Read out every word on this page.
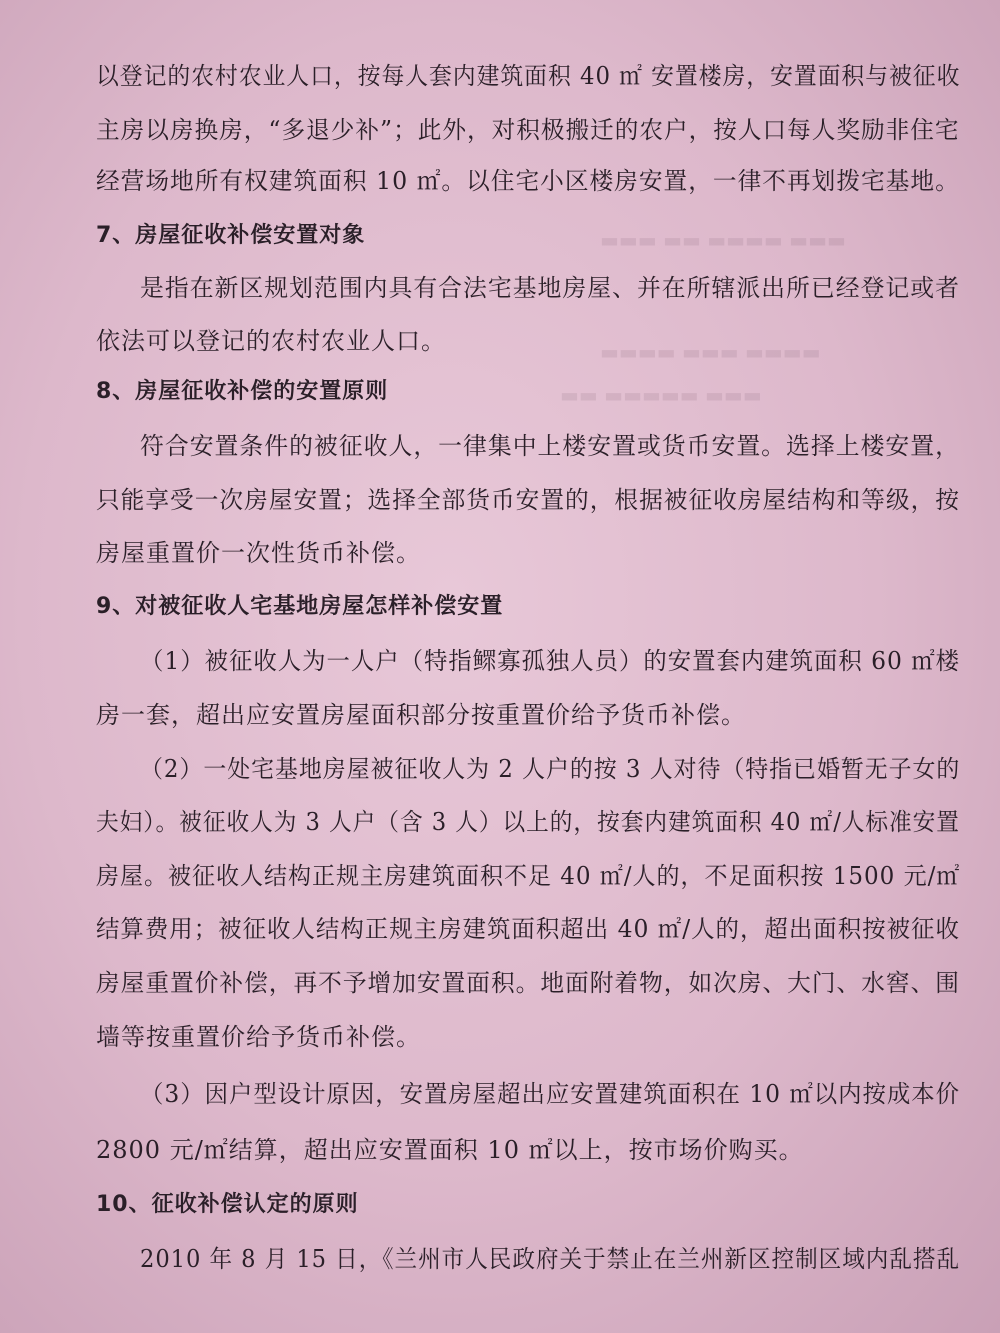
▬▬▬ ▬▬▬▬ ▬▬ ▬▬▬
▬▬▬▬ ▬▬▬ ▬▬▬▬
▬▬▬ ▬▬▬▬▬ ▬▬
以登记的农村农业人口，按每人套内建筑面积 40 ㎡ 安置楼房，安置面积与被征收
主房以房换房，“多退少补”；此外，对积极搬迁的农户，按人口每人奖励非住宅
经营场地所有权建筑面积 10 ㎡。以住宅小区楼房安置，一律不再划拨宅基地。
7、房屋征收补偿安置对象
是指在新区规划范围内具有合法宅基地房屋、并在所辖派出所已经登记或者
依法可以登记的农村农业人口。
8、房屋征收补偿的安置原则
符合安置条件的被征收人，一律集中上楼安置或货币安置。选择上楼安置，
只能享受一次房屋安置；选择全部货币安置的，根据被征收房屋结构和等级，按
房屋重置价一次性货币补偿。
9、对被征收人宅基地房屋怎样补偿安置
（1）被征收人为一人户（特指鳏寡孤独人员）的安置套内建筑面积 60 ㎡楼
房一套，超出应安置房屋面积部分按重置价给予货币补偿。
（2）一处宅基地房屋被征收人为 2 人户的按 3 人对待（特指已婚暂无子女的
夫妇）。被征收人为 3 人户（含 3 人）以上的，按套内建筑面积 40 ㎡/人标准安置
房屋。被征收人结构正规主房建筑面积不足 40 ㎡/人的，不足面积按 1500 元/㎡
结算费用；被征收人结构正规主房建筑面积超出 40 ㎡/人的，超出面积按被征收
房屋重置价补偿，再不予增加安置面积。地面附着物，如次房、大门、水窖、围
墙等按重置价给予货币补偿。
（3）因户型设计原因，安置房屋超出应安置建筑面积在 10 ㎡以内按成本价
2800 元/㎡结算，超出应安置面积 10 ㎡以上，按市场价购买。
10、征收补偿认定的原则
2010 年 8 月 15 日，《兰州市人民政府关于禁止在兰州新区控制区域内乱搭乱
